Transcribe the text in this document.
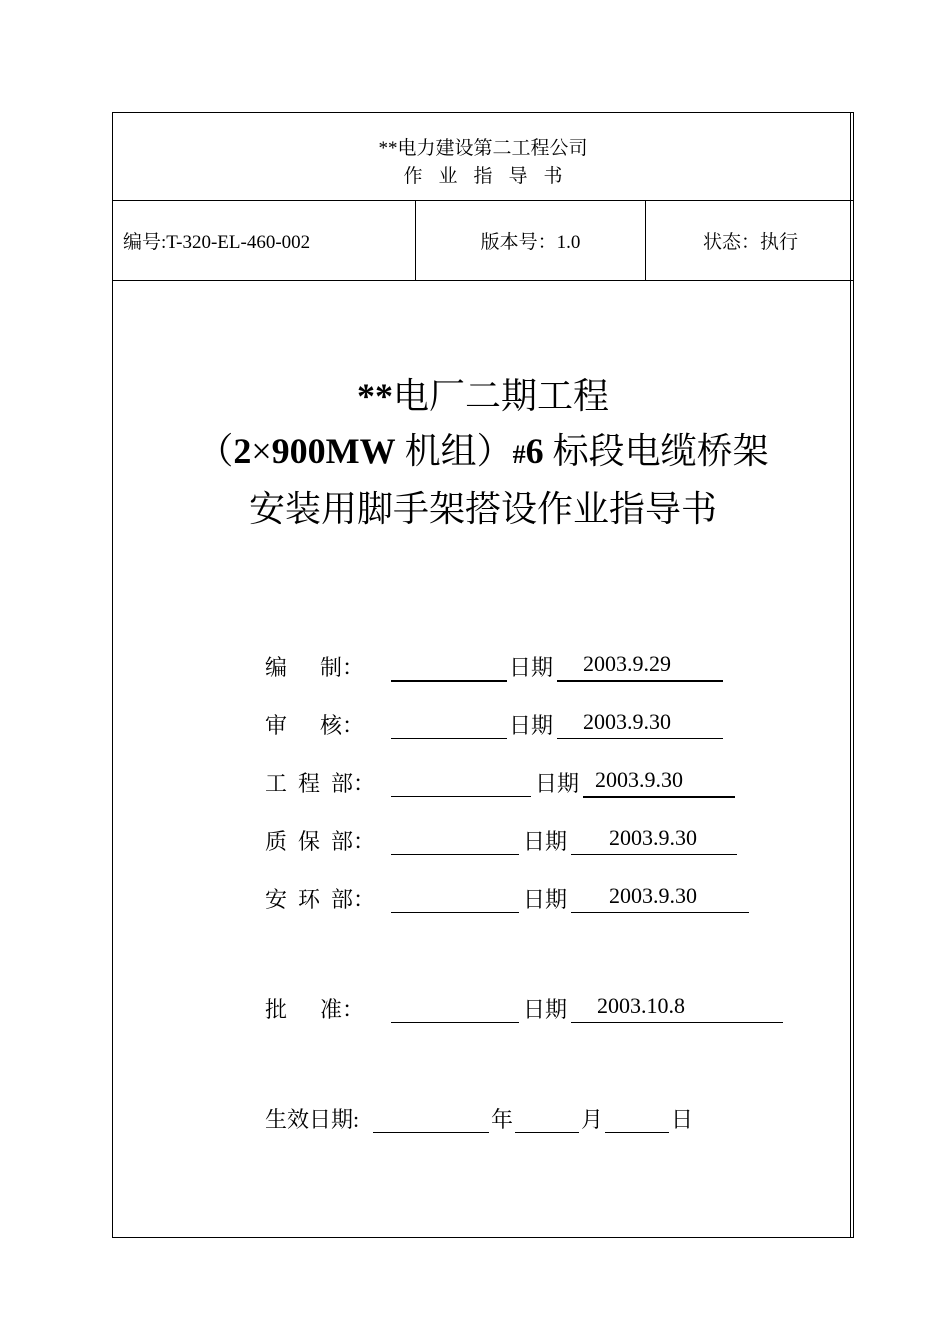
**电力建设第二工程公司
作业指导书
编号:T-320-EL-460-002	版本号：1.0	状态：执行
**电厂二期工程
（2×900MW 机组）#6 标段电缆桥架
安装用脚手架搭设作业指导书
编      制：	日期 2003.9.29
审      核：	日期 2003.9.30
工  程  部：	日期 2003.9.30
质  保  部：	日期 2003.9.30
安  环  部：	日期 2003.9.30
批      准：	日期 2003.10.8
生效日期:	年	月	日
